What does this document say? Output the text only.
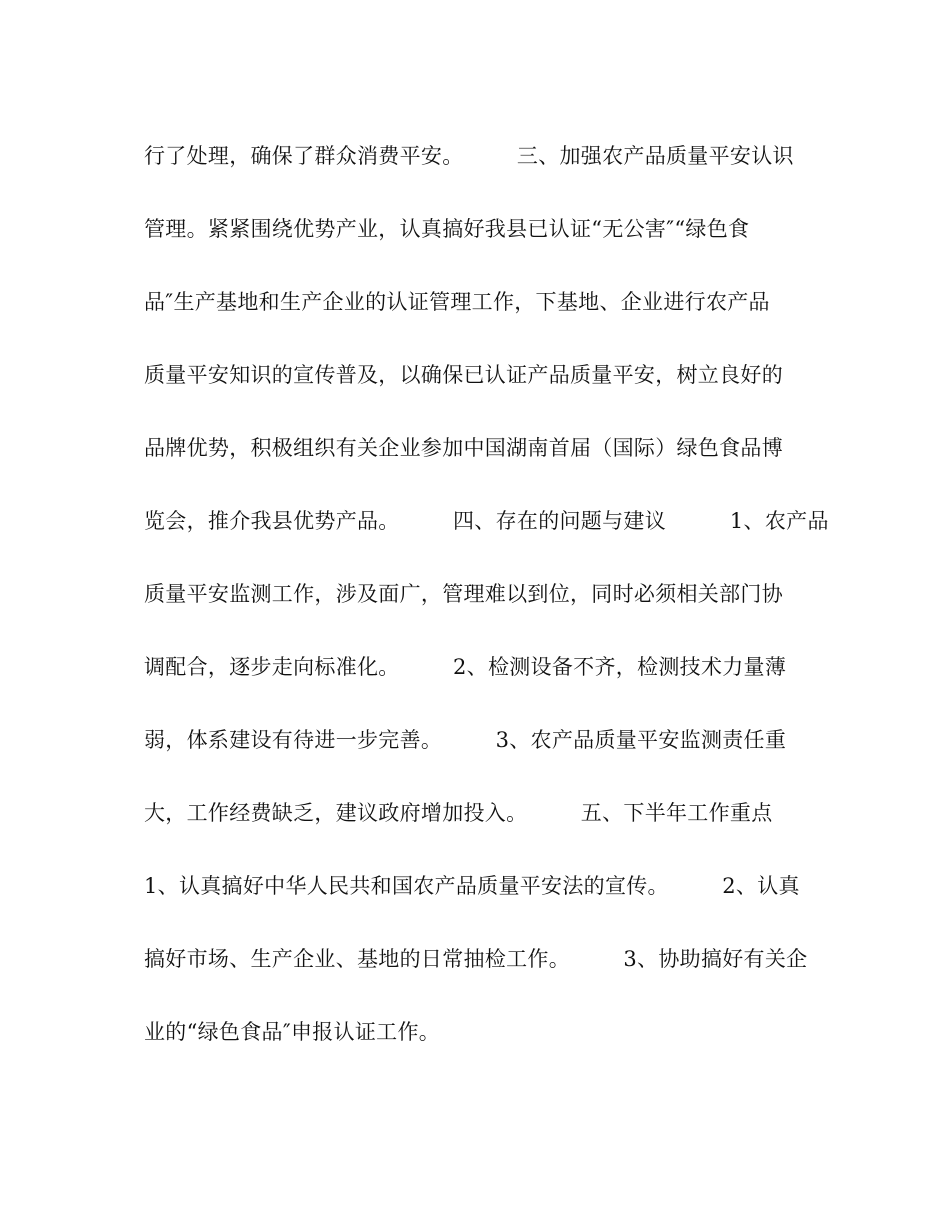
行了处理，确保了群众消费平安。　　　三、加强农产品质量平安认识
管理。紧紧围绕优势产业，认真搞好我县已认证“无公害″“绿色食
品″生产基地和生产企业的认证管理工作，下基地、企业进行农产品
质量平安知识的宣传普及，以确保已认证产品质量平安，树立良好的
品牌优势，积极组织有关企业参加中国湖南首届（国际）绿色食品博
览会，推介我县优势产品。　　　四、存在的问题与建议　　　1、农产品
质量平安监测工作，涉及面广，管理难以到位，同时必须相关部门协
调配合，逐步走向标准化。　　　2、检测设备不齐，检测技术力量薄
弱，体系建设有待进一步完善。　　　3、农产品质量平安监测责任重
大，工作经费缺乏，建议政府增加投入。　　　五、下半年工作重点
1、认真搞好中华人民共和国农产品质量平安法的宣传。　　　2、认真
搞好市场、生产企业、基地的日常抽检工作。　　　3、协助搞好有关企
业的“绿色食品″申报认证工作。
